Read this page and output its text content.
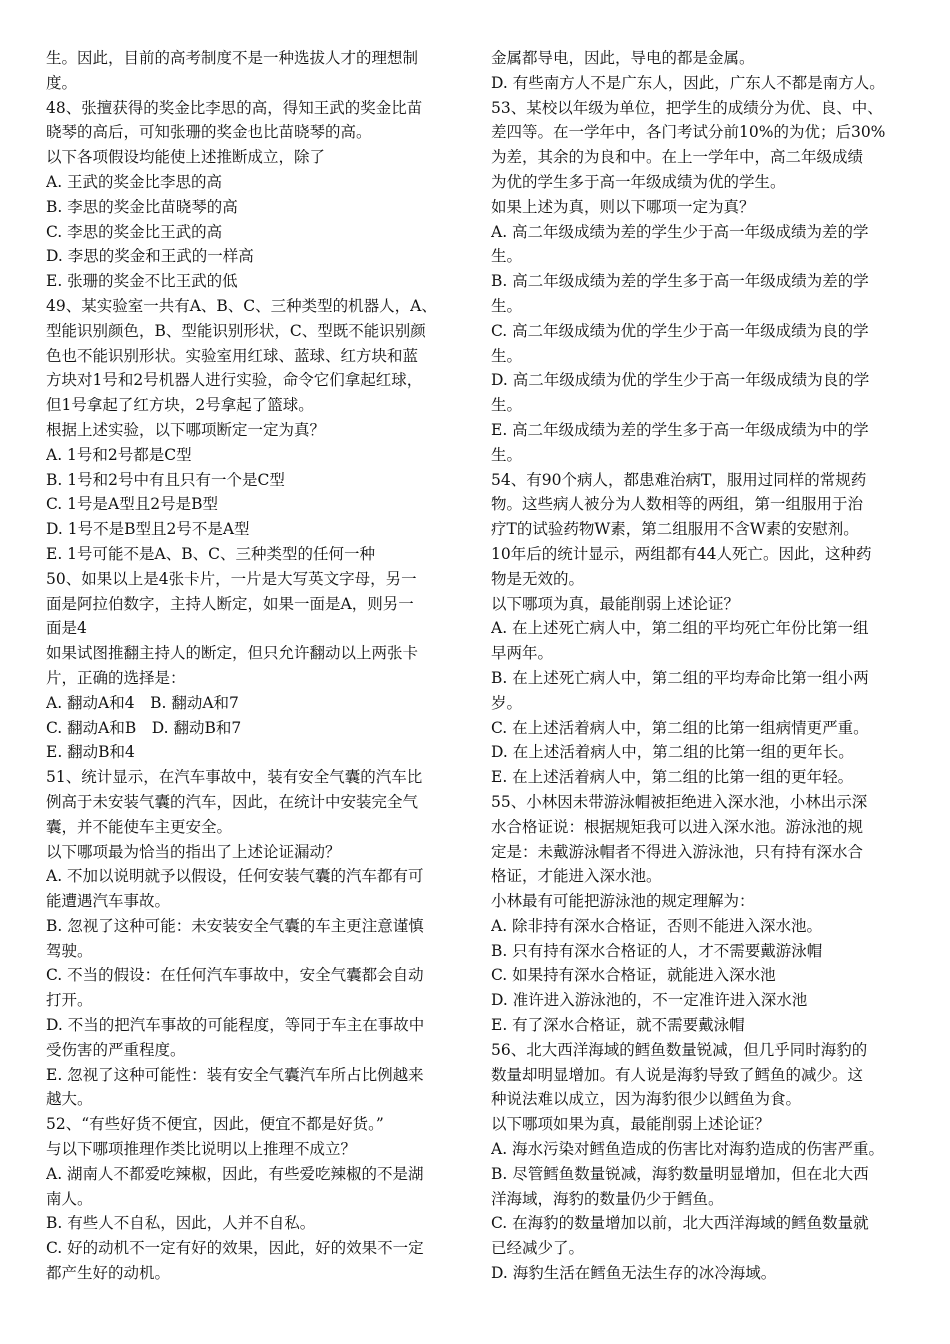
生。因此，目前的高考制度不是一种选拔人才的理想制
度。
48、张擅获得的奖金比李思的高，得知王武的奖金比苗
晓琴的高后，可知张珊的奖金也比苗晓琴的高。
以下各项假设均能使上述推断成立，除了
A. 王武的奖金比李思的高
B. 李思的奖金比苗晓琴的高
C. 李思的奖金比王武的高
D. 李思的奖金和王武的一样高
E. 张珊的奖金不比王武的低
49、某实验室一共有A、B、C、三种类型的机器人，A、
型能识别颜色，B、型能识别形状，C、型既不能识别颜
色也不能识别形状。实验室用红球、蓝球、红方块和蓝
方块对1号和2号机器人进行实验，命令它们拿起红球，
但1号拿起了红方块，2号拿起了篮球。
根据上述实验，以下哪项断定一定为真？
A. 1号和2号都是C型
B. 1号和2号中有且只有一个是C型
C. 1号是A型且2号是B型
D. 1号不是B型且2号不是A型
E. 1号可能不是A、B、C、三种类型的任何一种
50、如果以上是4张卡片，一片是大写英文字母，另一
面是阿拉伯数字，主持人断定，如果一面是A，则另一
面是4
如果试图推翻主持人的断定，但只允许翻动以上两张卡
片，正确的选择是：
A. 翻动A和4　B. 翻动A和7
C. 翻动A和B　D. 翻动B和7
E. 翻动B和4
51、统计显示，在汽车事故中，装有安全气囊的汽车比
例高于未安装气囊的汽车，因此，在统计中安装完全气
囊，并不能使车主更安全。
以下哪项最为恰当的指出了上述论证漏动？
A. 不加以说明就予以假设，任何安装气囊的汽车都有可
能遭遇汽车事故。
B. 忽视了这种可能：未安装安全气囊的车主更注意谨慎
驾驶。
C. 不当的假设：在任何汽车事故中，安全气囊都会自动
打开。
D. 不当的把汽车事故的可能程度，等同于车主在事故中
受伤害的严重程度。
E. 忽视了这种可能性：装有安全气囊汽车所占比例越来
越大。
52、“有些好货不便宜，因此，便宜不都是好货。”
与以下哪项推理作类比说明以上推理不成立？
A. 湖南人不都爱吃辣椒，因此，有些爱吃辣椒的不是湖
南人。
B. 有些人不自私，因此，人并不自私。
C. 好的动机不一定有好的效果，因此，好的效果不一定
都产生好的动机。
金属都导电，因此，导电的都是金属。
D. 有些南方人不是广东人，因此，广东人不都是南方人。
53、某校以年级为单位，把学生的成绩分为优、良、中、
差四等。在一学年中，各门考试分前10%的为优；后30%
为差，其余的为良和中。在上一学年中，高二年级成绩
为优的学生多于高一年级成绩为优的学生。
如果上述为真，则以下哪项一定为真？
A. 高二年级成绩为差的学生少于高一年级成绩为差的学
生。
B. 高二年级成绩为差的学生多于高一年级成绩为差的学
生。
C. 高二年级成绩为优的学生少于高一年级成绩为良的学
生。
D. 高二年级成绩为优的学生少于高一年级成绩为良的学
生。
E. 高二年级成绩为差的学生多于高一年级成绩为中的学
生。
54、有90个病人，都患难治病T，服用过同样的常规药
物。这些病人被分为人数相等的两组，第一组服用于治
疗T的试验药物W素，第二组服用不含W素的安慰剂。
10年后的统计显示，两组都有44人死亡。因此，这种药
物是无效的。
以下哪项为真，最能削弱上述论证？
A. 在上述死亡病人中，第二组的平均死亡年份比第一组
早两年。
B. 在上述死亡病人中，第二组的平均寿命比第一组小两
岁。
C. 在上述活着病人中，第二组的比第一组病情更严重。
D. 在上述活着病人中，第二组的比第一组的更年长。
E. 在上述活着病人中，第二组的比第一组的更年轻。
55、小林因未带游泳帽被拒绝进入深水池，小林出示深
水合格证说：根据规矩我可以进入深水池。游泳池的规
定是：未戴游泳帽者不得进入游泳池，只有持有深水合
格证，才能进入深水池。
小林最有可能把游泳池的规定理解为：
A. 除非持有深水合格证，否则不能进入深水池。
B. 只有持有深水合格证的人，才不需要戴游泳帽
C. 如果持有深水合格证，就能进入深水池
D. 准许进入游泳池的，不一定准许进入深水池
E. 有了深水合格证，就不需要戴泳帽
56、北大西洋海域的鳕鱼数量锐减，但几乎同时海豹的
数量却明显增加。有人说是海豹导致了鳕鱼的减少。这
种说法难以成立，因为海豹很少以鳕鱼为食。
以下哪项如果为真，最能削弱上述论证？
A. 海水污染对鳕鱼造成的伤害比对海豹造成的伤害严重。
B. 尽管鳕鱼数量锐减，海豹数量明显增加，但在北大西
洋海域，海豹的数量仍少于鳕鱼。
C. 在海豹的数量增加以前，北大西洋海域的鳕鱼数量就
已经减少了。
D. 海豹生活在鳕鱼无法生存的冰冷海域。
